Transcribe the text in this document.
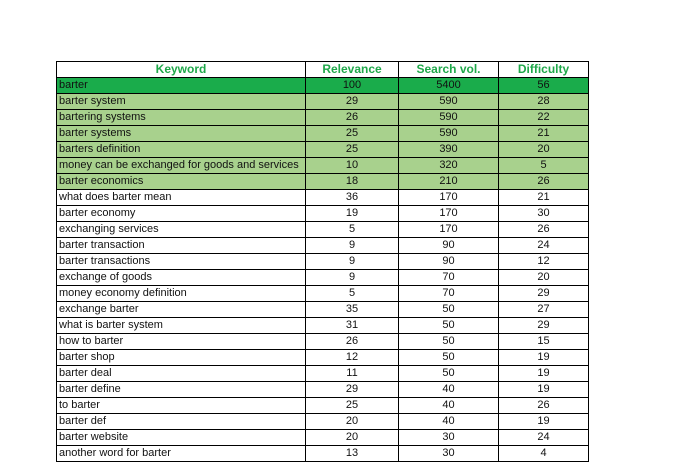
Keyword	Relevance	Search vol.	Difficulty
barter	100	5400	56
barter system	29	590	28
bartering systems	26	590	22
barter systems	25	590	21
barters definition	25	390	20
money can be exchanged for goods and services	10	320	5
barter economics	18	210	26
what does barter mean	36	170	21
barter economy	19	170	30
exchanging services	5	170	26
barter transaction	9	90	24
barter transactions	9	90	12
exchange of goods	9	70	20
money economy definition	5	70	29
exchange barter	35	50	27
what is barter system	31	50	29
how to barter	26	50	15
barter shop	12	50	19
barter deal	11	50	19
barter define	29	40	19
to barter	25	40	26
barter def	20	40	19
barter website	20	30	24
another word for barter	13	30	4
